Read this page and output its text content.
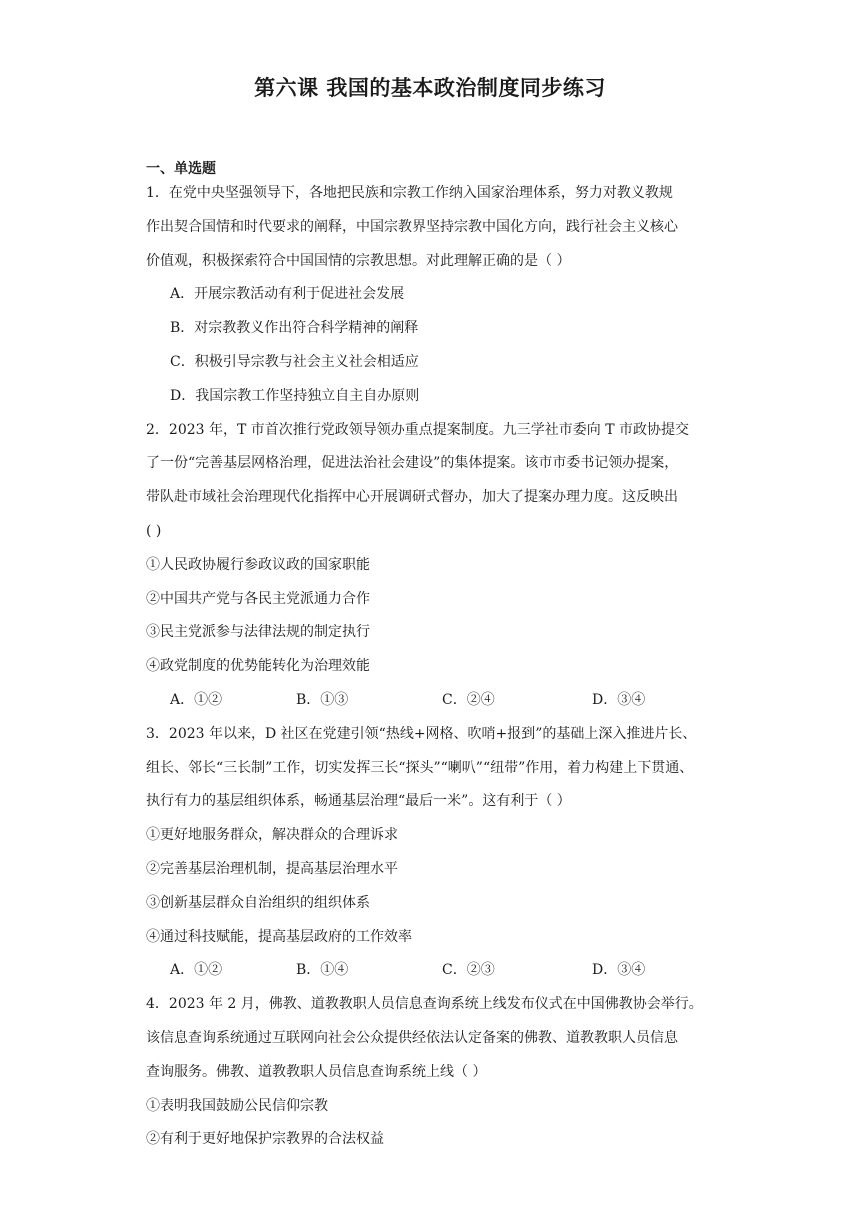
第六课 我国的基本政治制度同步练习
一、单选题
1．在党中央坚强领导下，各地把民族和宗教工作纳入国家治理体系，努力对教义教规
作出契合国情和时代要求的阐释，中国宗教界坚持宗教中国化方向，践行社会主义核心
价值观，积极探索符合中国国情的宗教思想。对此理解正确的是（ ）
A．开展宗教活动有利于促进社会发展
B．对宗教教义作出符合科学精神的阐释
C．积极引导宗教与社会主义社会相适应
D．我国宗教工作坚持独立自主自办原则
2．2023 年，T 市首次推行党政领导领办重点提案制度。九三学社市委向 T 市政协提交
了一份“完善基层网格治理，促进法治社会建设”的集体提案。该市市委书记领办提案，
带队赴市域社会治理现代化指挥中心开展调研式督办，加大了提案办理力度。这反映出
( )
①人民政协履行参政议政的国家职能
②中国共产党与各民主党派通力合作
③民主党派参与法律法规的制定执行
④政党制度的优势能转化为治理效能
A．①②	B．①③	C．②④	D．③④
3．2023 年以来，D 社区在党建引领“热线+网格、吹哨+报到”的基础上深入推进片长、
组长、邻长“三长制”工作，切实发挥三长“探头”“喇叭”“纽带”作用，着力构建上下贯通、
执行有力的基层组织体系，畅通基层治理“最后一米”。这有利于（ ）
①更好地服务群众，解决群众的合理诉求
②完善基层治理机制，提高基层治理水平
③创新基层群众自治组织的组织体系
④通过科技赋能，提高基层政府的工作效率
A．①②	B．①④	C．②③	D．③④
4．2023 年 2 月，佛教、道教教职人员信息查询系统上线发布仪式在中国佛教协会举行。
该信息查询系统通过互联网向社会公众提供经依法认定备案的佛教、道教教职人员信息
查询服务。佛教、道教教职人员信息查询系统上线（ ）
①表明我国鼓励公民信仰宗教
②有利于更好地保护宗教界的合法权益
